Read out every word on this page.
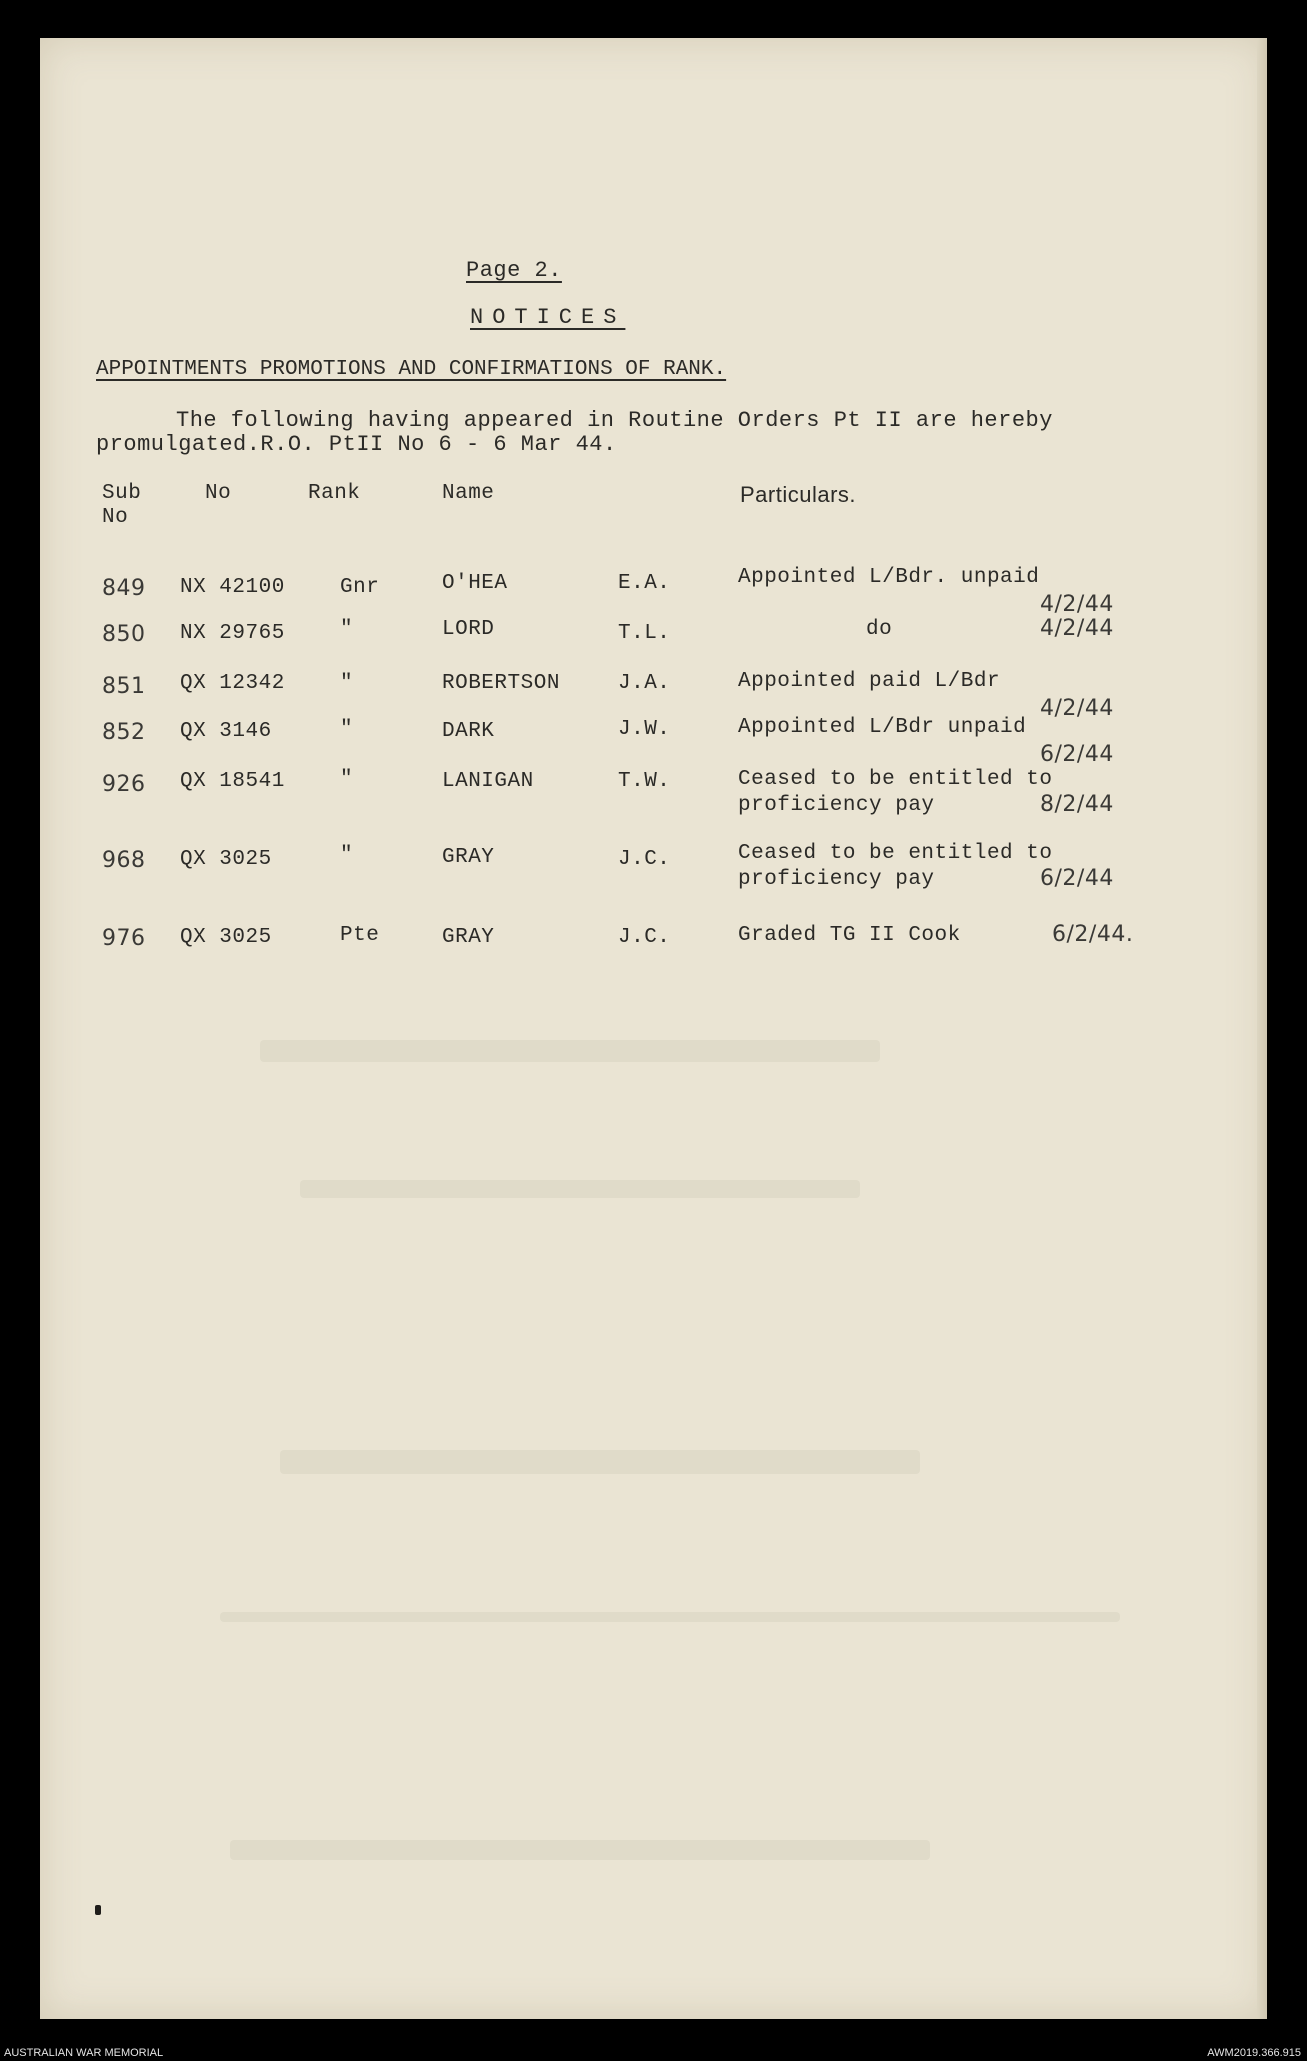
Page 2.
NOTICES
APPOINTMENTS PROMOTIONS AND CONFIRMATIONS OF RANK.
The following having appeared in Routine Orders Pt II are hereby
promulgated.R.O. PtII No 6 - 6 Mar 44.
Sub
No
No	Rank	Name	Particulars.
849 NX 42100	Gnr	O'HEA	E.A.	Appointed L/Bdr. unpaid
4/2/44
850 NX 29765	"	LORD	T.L.	do	4/2/44
851 QX 12342	"	ROBERTSON	J.A.	Appointed paid L/Bdr
4/2/44
852 QX 3146	"	DARK	J.W.	Appointed L/Bdr unpaid
6/2/44
926 QX 18541	"	LANIGAN	T.W.	Ceased to be entitled to
proficiency pay	8/2/44
968 QX 3025	"	GRAY	J.C.	Ceased to be entitled to
proficiency pay	6/2/44
976 QX 3025	Pte	GRAY	J.C.	Graded TG II Cook	6/2/44.
AUSTRALIAN WAR MEMORIAL	AWM2019.366.915
